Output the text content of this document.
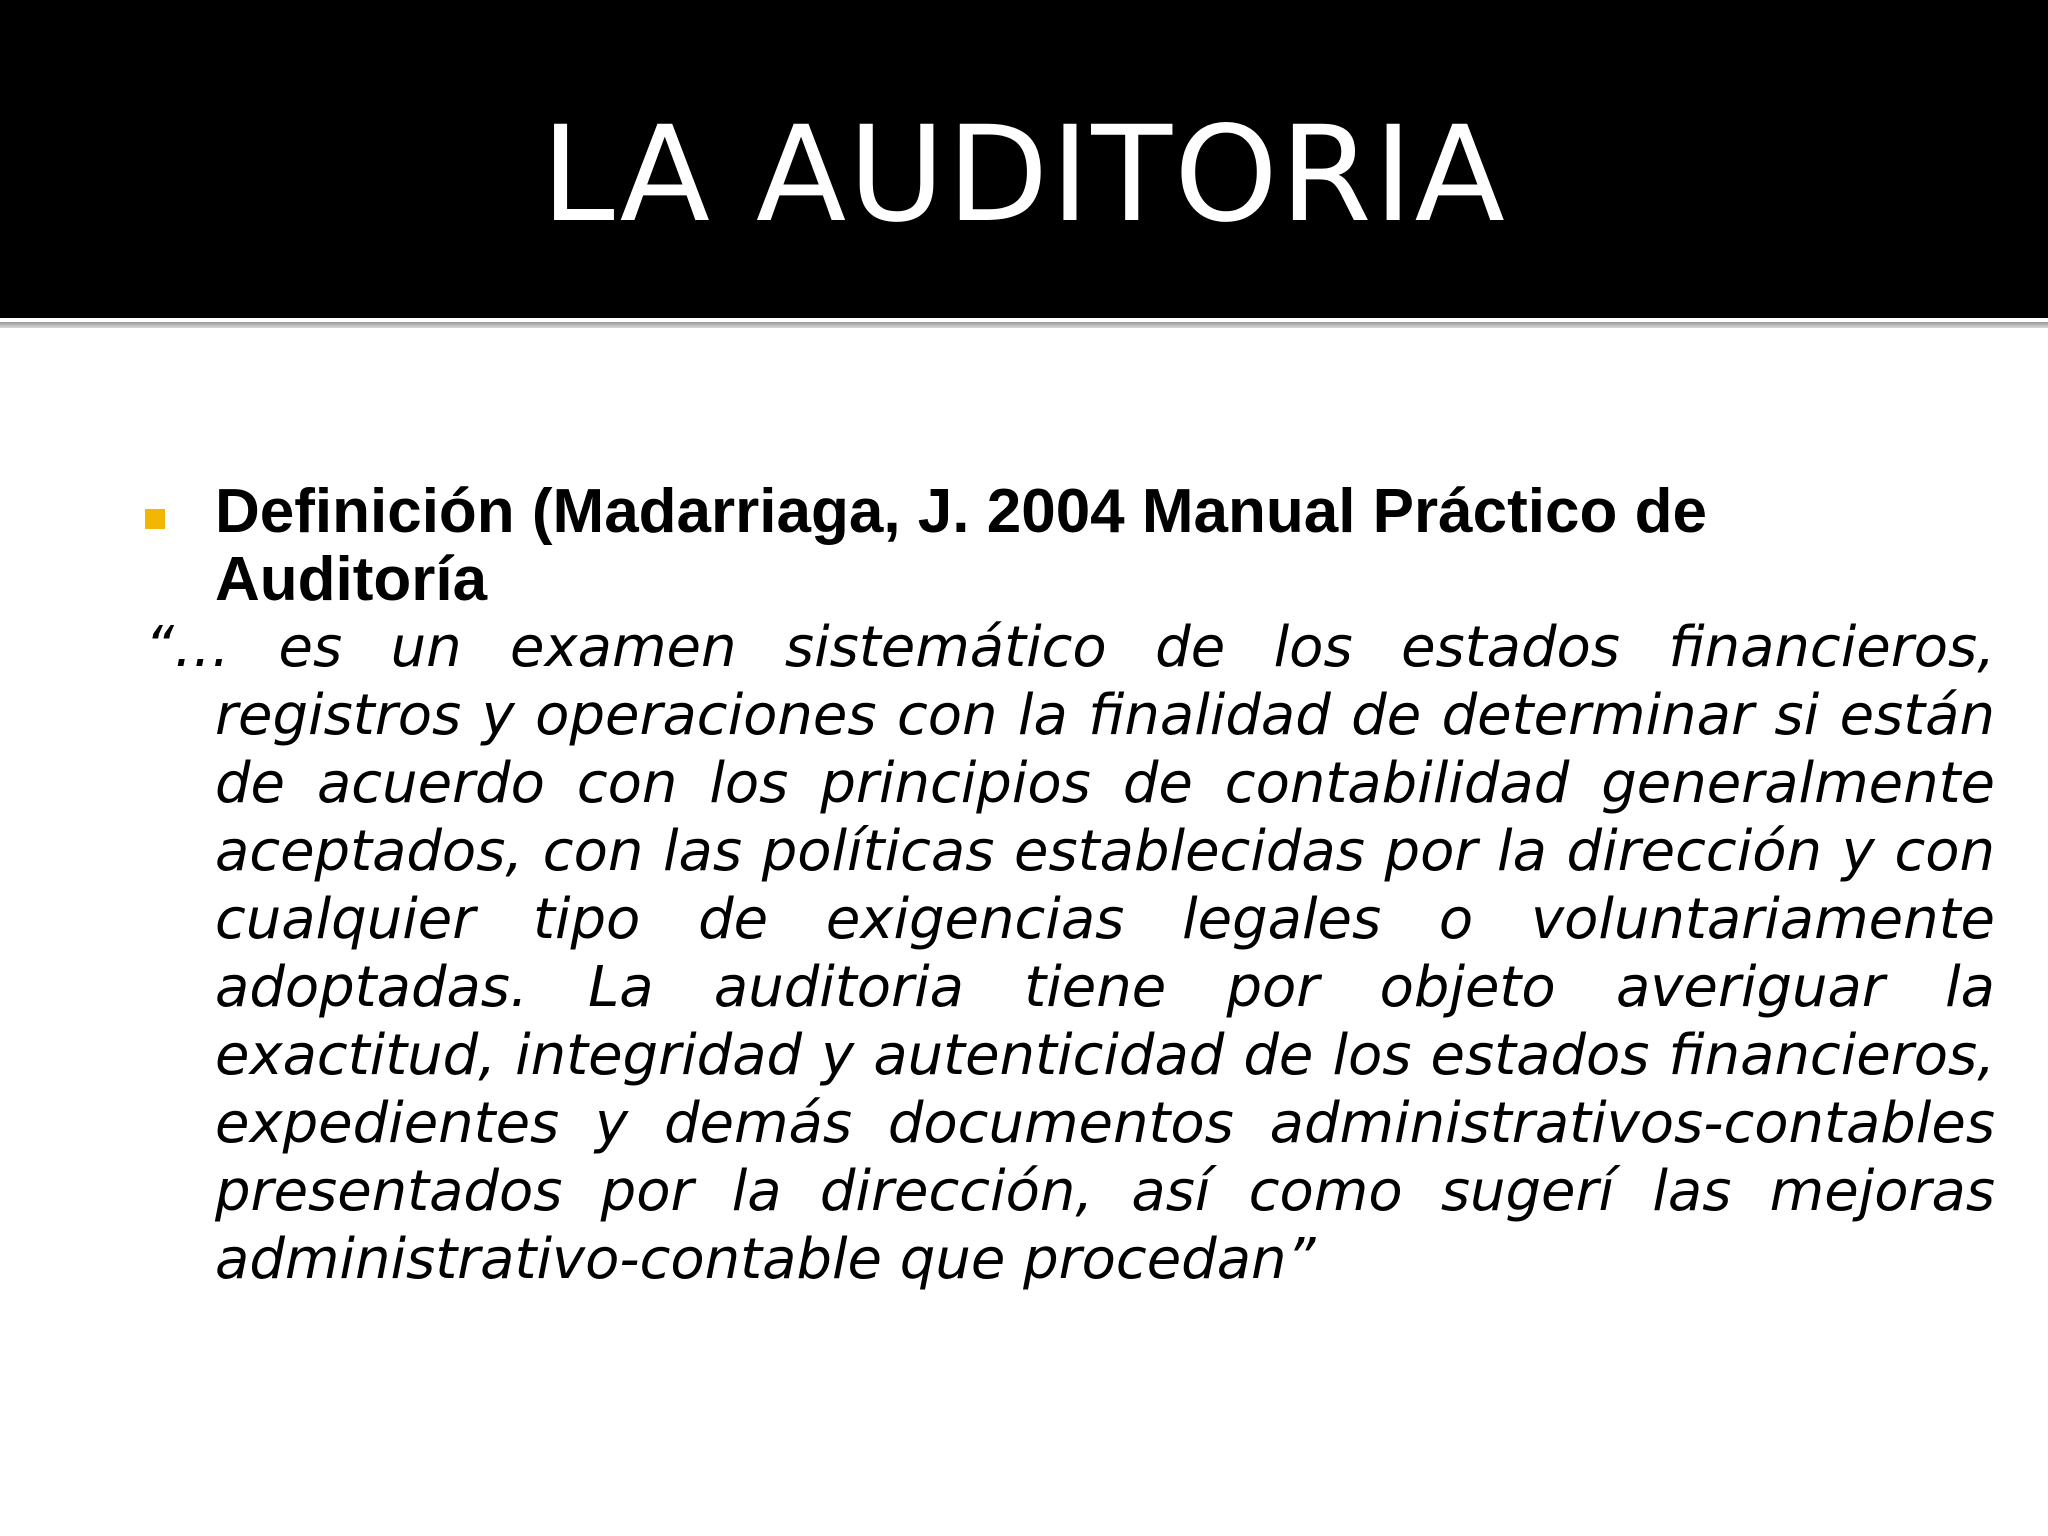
LA AUDITORIA
Definición (Madarriaga, J. 2004 Manual Práctico de Auditoría
“… es un examen sistemático de los estados financieros, registros y operaciones con la finalidad de determinar si están de acuerdo con los principios de contabilidad generalmente aceptados, con las políticas establecidas por la dirección y con cualquier tipo de exigencias legales o voluntariamente adoptadas. La auditoria tiene por objeto averiguar la exactitud, integridad y autenticidad de los estados financieros, expedientes y demás documentos administrativos-contables presentados por la dirección, así como sugerí las mejoras administrativo-contable que procedan”
